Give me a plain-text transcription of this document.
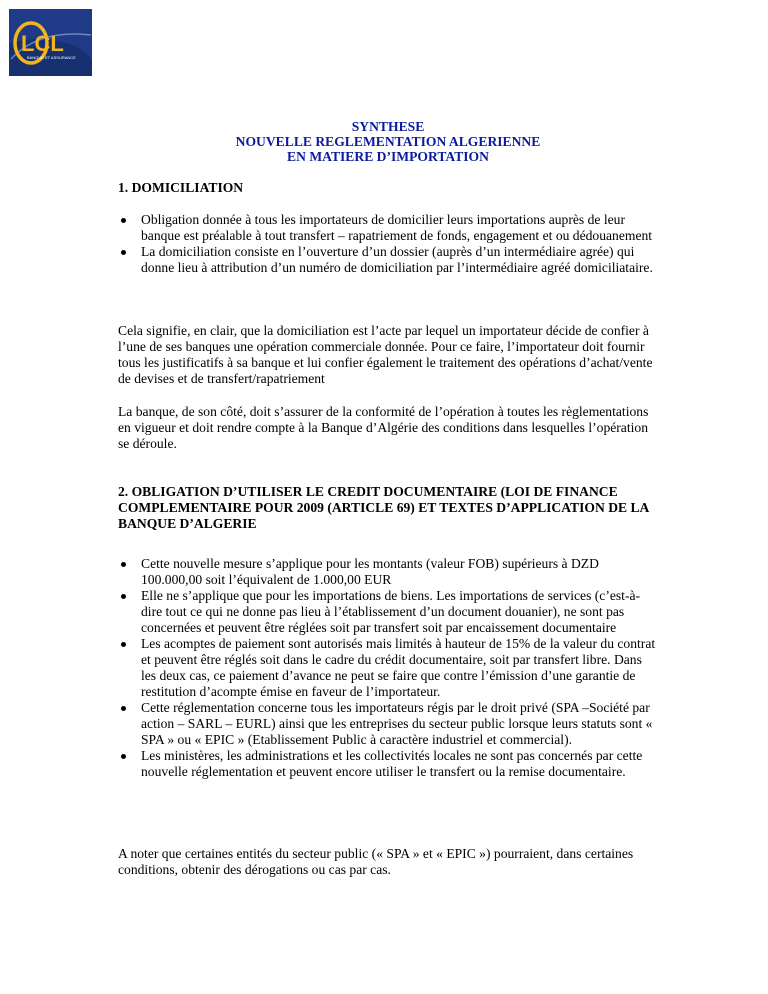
LCL
BANQUE ET ASSURANCE
SYNTHESE
NOUVELLE REGLEMENTATION ALGERIENNE
EN MATIERE D’IMPORTATION
1. DOMICILIATION
Obligation donnée à tous les importateurs de domicilier leurs importations auprès de leur banque est préalable à tout transfert – rapatriement de fonds, engagement et ou dédouanement
La domiciliation consiste en l’ouverture d’un dossier (auprès d’un intermédiaire agrée) qui donne lieu à attribution d’un numéro de domiciliation par l’intermédiaire agréé domiciliataire.

Cela signifie, en clair, que la domiciliation est l’acte par lequel un importateur décide de confier à l’une de ses banques une opération commerciale donnée. Pour ce faire, l’importateur doit fournir tous les justificatifs à sa banque et lui confier également le traitement des opérations d’achat/vente de devises et de transfert/rapatriement

La banque, de son côté, doit s’assurer de la conformité de l’opération à toutes les règlementations en vigueur et doit rendre compte à la Banque d’Algérie des conditions dans lesquelles l’opération se déroule.

2. OBLIGATION D’UTILISER LE CREDIT DOCUMENTAIRE (LOI DE FINANCE COMPLEMENTAIRE POUR 2009 (ARTICLE 69) ET TEXTES D’APPLICATION DE LA BANQUE D’ALGERIE
Cette nouvelle mesure s’applique pour les montants (valeur FOB) supérieurs à DZD 100.000,00 soit l’équivalent de 1.000,00 EUR
Elle ne s’applique que pour les importations de biens. Les importations de services (c’est-à-dire tout ce qui ne donne pas lieu à l’établissement d’un document douanier), ne sont pas concernées et peuvent être réglées soit par transfert soit par encaissement documentaire
Les acomptes de paiement sont autorisés mais limités à hauteur de 15% de la valeur du contrat et peuvent être réglés soit dans le cadre du crédit documentaire, soit par transfert libre. Dans les deux cas, ce paiement d’avance ne peut se faire que contre l’émission d’une garantie de restitution d’acompte émise en faveur de l’importateur.
Cette réglementation concerne tous les importateurs régis par le droit privé (SPA –Société par action – SARL – EURL) ainsi que les entreprises du secteur public lorsque leurs statuts sont « SPA » ou « EPIC » (Etablissement Public à caractère industriel et commercial).
Les ministères, les administrations et les collectivités locales ne sont pas concernés par cette nouvelle réglementation et peuvent encore utiliser le transfert ou la remise documentaire.

A noter que certaines entités du secteur public (« SPA » et « EPIC ») pourraient, dans certaines conditions, obtenir des dérogations ou cas par cas.
